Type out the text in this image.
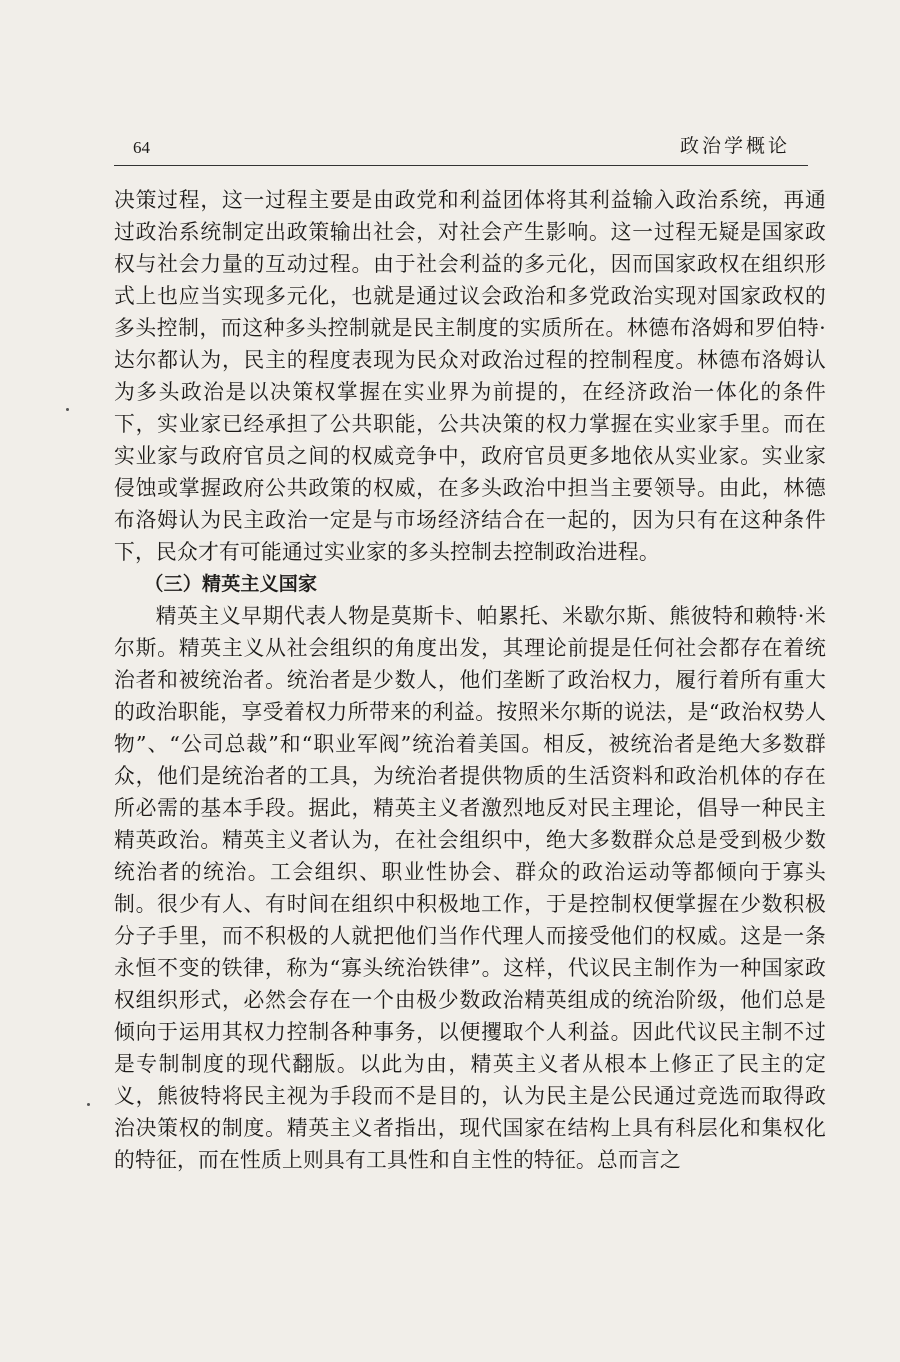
64	政治学概论

决策过程，这一过程主要是由政党和利益团体将其利益输入政治系统，再通过政治系统制定出政策输出社会，对社会产生影响。这一过程无疑是国家政权与社会力量的互动过程。由于社会利益的多元化，因而国家政权在组织形式上也应当实现多元化，也就是通过议会政治和多党政治实现对国家政权的多头控制，而这种多头控制就是民主制度的实质所在。林德布洛姆和罗伯特·达尔都认为，民主的程度表现为民众对政治过程的控制程度。林德布洛姆认为多头政治是以决策权掌握在实业界为前提的，在经济政治一体化的条件下，实业家已经承担了公共职能，公共决策的权力掌握在实业家手里。而在实业家与政府官员之间的权威竞争中，政府官员更多地依从实业家。实业家侵蚀或掌握政府公共政策的权威，在多头政治中担当主要领导。由此，林德布洛姆认为民主政治一定是与市场经济结合在一起的，因为只有在这种条件下，民众才有可能通过实业家的多头控制去控制政治进程。

（三）精英主义国家

精英主义早期代表人物是莫斯卡、帕累托、米歇尔斯、熊彼特和赖特·米尔斯。精英主义从社会组织的角度出发，其理论前提是任何社会都存在着统治者和被统治者。统治者是少数人，他们垄断了政治权力，履行着所有重大的政治职能，享受着权力所带来的利益。按照米尔斯的说法，是“政治权势人物”、“公司总裁”和“职业军阀”统治着美国。相反，被统治者是绝大多数群众，他们是统治者的工具，为统治者提供物质的生活资料和政治机体的存在所必需的基本手段。据此，精英主义者激烈地反对民主理论，倡导一种民主精英政治。精英主义者认为，在社会组织中，绝大多数群众总是受到极少数统治者的统治。工会组织、职业性协会、群众的政治运动等都倾向于寡头制。很少有人、有时间在组织中积极地工作，于是控制权便掌握在少数积极分子手里，而不积极的人就把他们当作代理人而接受他们的权威。这是一条永恒不变的铁律，称为“寡头统治铁律”。这样，代议民主制作为一种国家政权组织形式，必然会存在一个由极少数政治精英组成的统治阶级，他们总是倾向于运用其权力控制各种事务，以便攫取个人利益。因此代议民主制不过是专制制度的现代翻版。以此为由，精英主义者从根本上修正了民主的定义，熊彼特将民主视为手段而不是目的，认为民主是公民通过竞选而取得政治决策权的制度。精英主义者指出，现代国家在结构上具有科层化和集权化的特征，而在性质上则具有工具性和自主性的特征。总而言之
